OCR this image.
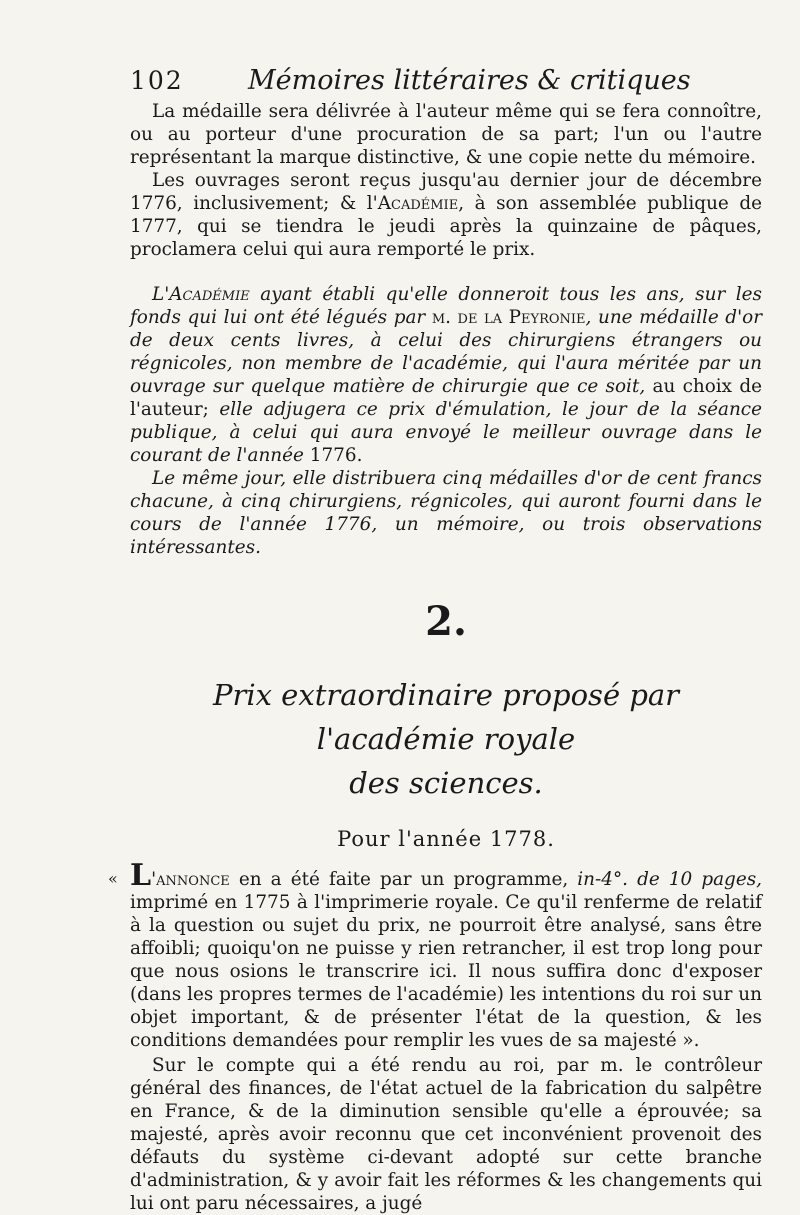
102	Mémoires littéraires & critiques

La médaille sera délivrée à l'auteur même qui se fera connoître, ou au porteur d'une procuration de sa part; l'un ou l'autre représentant la marque distinctive, & une copie nette du mémoire.

Les ouvrages seront reçus jusqu'au dernier jour de décembre 1776, inclusivement; & l'Académie, à son assemblée publique de 1777, qui se tiendra le jeudi après la quinzaine de pâques, proclamera celui qui aura remporté le prix.

L'Académie ayant établi qu'elle donneroit tous les ans, sur les fonds qui lui ont été légués par m. de la Peyronie, une médaille d'or de deux cents livres, à celui des chirurgiens étrangers ou régnicoles, non membre de l'académie, qui l'aura méritée par un ouvrage sur quelque matière de chirurgie que ce soit, au choix de l'auteur; elle adjugera ce prix d'émulation, le jour de la séance publique, à celui qui aura envoyé le meilleur ouvrage dans le courant de l'année 1776.

Le même jour, elle distribuera cinq médailles d'or de cent francs chacune, à cinq chirurgiens, régnicoles, qui auront fourni dans le cours de l'année 1776, un mémoire, ou trois observations intéressantes.

2.
Prix extraordinaire proposé par l'académie royale
des sciences.
Pour l'année 1778.

« L'annonce en a été faite par un programme, in-4°. de 10 pages, imprimé en 1775 à l'imprimerie royale. Ce qu'il renferme de relatif à la question ou sujet du prix, ne pourroit être analysé, sans être affoibli; quoiqu'on ne puisse y rien retrancher, il est trop long pour que nous osions le transcrire ici. Il nous suffira donc d'exposer (dans les propres termes de l'académie) les intentions du roi sur un objet important, & de présenter l'état de la question, & les conditions demandées pour remplir les vues de sa majesté ».

Sur le compte qui a été rendu au roi, par m. le contrôleur général des finances, de l'état actuel de la fabrication du salpêtre en France, & de la diminution sensible qu'elle a éprouvée; sa majesté, après avoir reconnu que cet inconvénient provenoit des défauts du système ci-devant adopté sur cette branche d'administration, & y avoir fait les réformes & les changements qui lui ont paru nécessaires, a jugé
